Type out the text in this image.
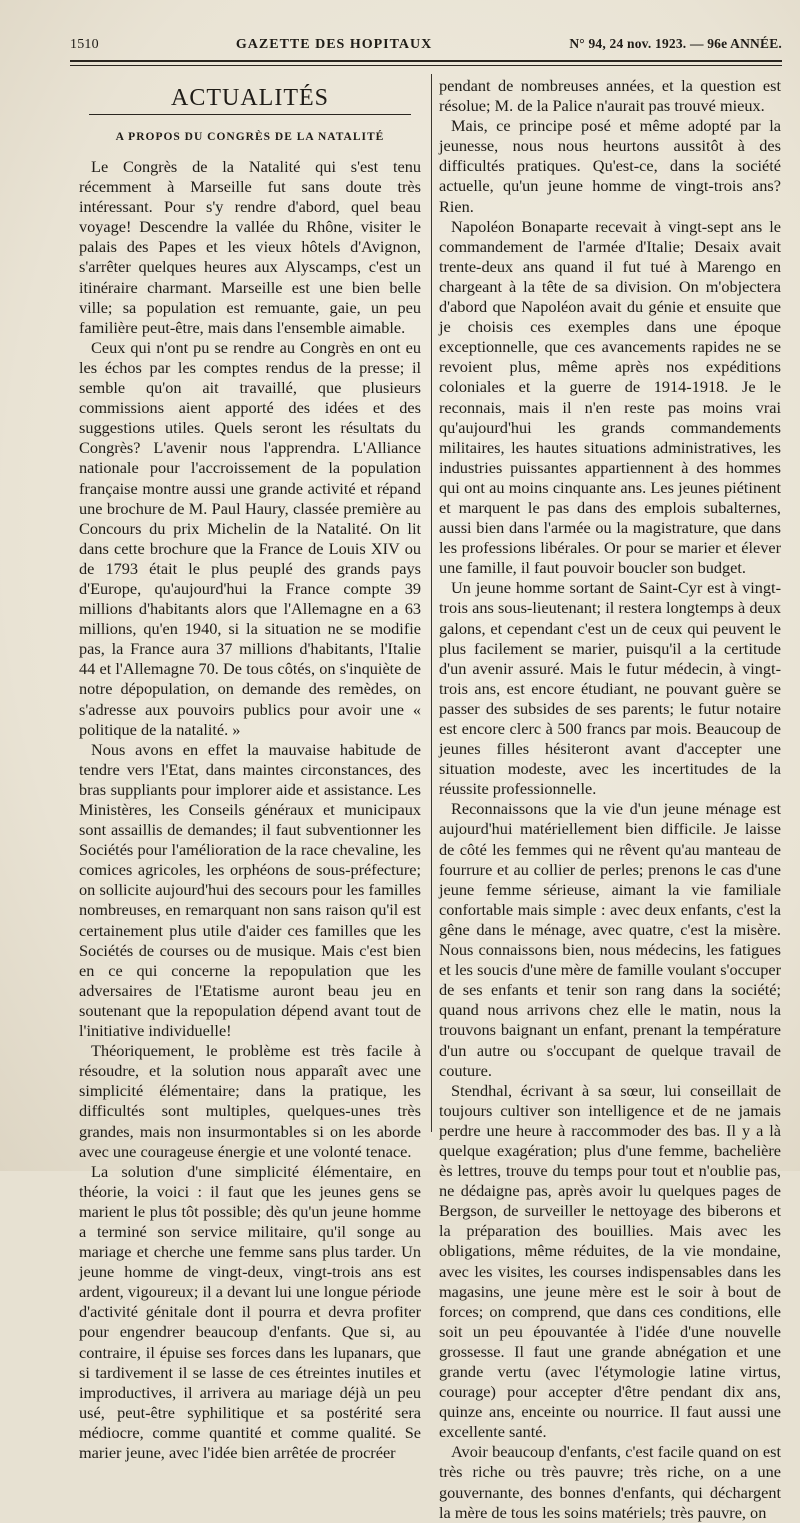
1510	GAZETTE DES HOPITAUX	N° 94, 24 nov. 1923. — 96e ANNÉE.
ACTUALITÉS
A PROPOS DU CONGRÈS DE LA NATALITÉ

Le Congrès de la Natalité qui s'est tenu récemment à Marseille fut sans doute très intéressant. Pour s'y rendre d'abord, quel beau voyage! Descendre la vallée du Rhône, visiter le palais des Papes et les vieux hôtels d'Avignon, s'arrêter quelques heures aux Alyscamps, c'est un itinéraire charmant. Marseille est une bien belle ville; sa population est remuante, gaie, un peu familière peut-être, mais dans l'ensemble aimable.

Ceux qui n'ont pu se rendre au Congrès en ont eu les échos par les comptes rendus de la presse; il semble qu'on ait travaillé, que plusieurs commissions aient apporté des idées et des suggestions utiles. Quels seront les résultats du Congrès? L'avenir nous l'apprendra. L'Alliance nationale pour l'accroissement de la population française montre aussi une grande activité et répand une brochure de M. Paul Haury, classée première au Concours du prix Michelin de la Natalité. On lit dans cette brochure que la France de Louis XIV ou de 1793 était le plus peuplé des grands pays d'Europe, qu'aujourd'hui la France compte 39 millions d'habitants alors que l'Allemagne en a 63 millions, qu'en 1940, si la situation ne se modifie pas, la France aura 37 millions d'habitants, l'Italie 44 et l'Allemagne 70. De tous côtés, on s'inquiète de notre dépopulation, on demande des remèdes, on s'adresse aux pouvoirs publics pour avoir une « politique de la natalité. »

Nous avons en effet la mauvaise habitude de tendre vers l'Etat, dans maintes circonstances, des bras suppliants pour implorer aide et assistance. Les Ministères, les Conseils généraux et municipaux sont assaillis de demandes; il faut subventionner les Sociétés pour l'amélioration de la race chevaline, les comices agricoles, les orphéons de sous-préfecture; on sollicite aujourd'hui des secours pour les familles nombreuses, en remarquant non sans raison qu'il est certainement plus utile d'aider ces familles que les Sociétés de courses ou de musique. Mais c'est bien en ce qui concerne la repopulation que les adversaires de l'Etatisme auront beau jeu en soutenant que la repopulation dépend avant tout de l'initiative individuelle!

Théoriquement, le problème est très facile à résoudre, et la solution nous apparaît avec une simplicité élémentaire; dans la pratique, les difficultés sont multiples, quelques-unes très grandes, mais non insurmontables si on les aborde avec une courageuse énergie et une volonté tenace.

La solution d'une simplicité élémentaire, en théorie, la voici : il faut que les jeunes gens se marient le plus tôt possible; dès qu'un jeune homme a terminé son service militaire, qu'il songe au mariage et cherche une femme sans plus tarder. Un jeune homme de vingt-deux, vingt-trois ans est ardent, vigoureux; il a devant lui une longue période d'activité génitale dont il pourra et devra profiter pour engendrer beaucoup d'enfants. Que si, au contraire, il épuise ses forces dans les lupanars, que si tardivement il se lasse de ces étreintes inutiles et improductives, il arrivera au mariage déjà un peu usé, peut-être syphilitique et sa postérité sera médiocre, comme quantité et comme qualité. Se marier jeune, avec l'idée bien arrêtée de procréer

pendant de nombreuses années, et la question est résolue; M. de la Palice n'aurait pas trouvé mieux.

Mais, ce principe posé et même adopté par la jeunesse, nous nous heurtons aussitôt à des difficultés pratiques. Qu'est-ce, dans la société actuelle, qu'un jeune homme de vingt-trois ans? Rien.

Napoléon Bonaparte recevait à vingt-sept ans le commandement de l'armée d'Italie; Desaix avait trente-deux ans quand il fut tué à Marengo en chargeant à la tête de sa division. On m'objectera d'abord que Napoléon avait du génie et ensuite que je choisis ces exemples dans une époque exceptionnelle, que ces avancements rapides ne se revoient plus, même après nos expéditions coloniales et la guerre de 1914-1918. Je le reconnais, mais il n'en reste pas moins vrai qu'aujourd'hui les grands commandements militaires, les hautes situations administratives, les industries puissantes appartiennent à des hommes qui ont au moins cinquante ans. Les jeunes piétinent et marquent le pas dans des emplois subalternes, aussi bien dans l'armée ou la magistrature, que dans les professions libérales. Or pour se marier et élever une famille, il faut pouvoir boucler son budget.

Un jeune homme sortant de Saint-Cyr est à vingt-trois ans sous-lieutenant; il restera longtemps à deux galons, et cependant c'est un de ceux qui peuvent le plus facilement se marier, puisqu'il a la certitude d'un avenir assuré. Mais le futur médecin, à vingt-trois ans, est encore étudiant, ne pouvant guère se passer des subsides de ses parents; le futur notaire est encore clerc à 500 francs par mois. Beaucoup de jeunes filles hésiteront avant d'accepter une situation modeste, avec les incertitudes de la réussite professionnelle.

Reconnaissons que la vie d'un jeune ménage est aujourd'hui matériellement bien difficile. Je laisse de côté les femmes qui ne rêvent qu'au manteau de fourrure et au collier de perles; prenons le cas d'une jeune femme sérieuse, aimant la vie familiale confortable mais simple : avec deux enfants, c'est la gêne dans le ménage, avec quatre, c'est la misère. Nous connaissons bien, nous médecins, les fatigues et les soucis d'une mère de famille voulant s'occuper de ses enfants et tenir son rang dans la société; quand nous arrivons chez elle le matin, nous la trouvons baignant un enfant, prenant la température d'un autre ou s'occupant de quelque travail de couture.

Stendhal, écrivant à sa sœur, lui conseillait de toujours cultiver son intelligence et de ne jamais perdre une heure à raccommoder des bas. Il y a là quelque exagération; plus d'une femme, bachelière ès lettres, trouve du temps pour tout et n'oublie pas, ne dédaigne pas, après avoir lu quelques pages de Bergson, de surveiller le nettoyage des biberons et la préparation des bouillies. Mais avec les obligations, même réduites, de la vie mondaine, avec les visites, les courses indispensables dans les magasins, une jeune mère est le soir à bout de forces; on comprend, que dans ces conditions, elle soit un peu épouvantée à l'idée d'une nouvelle grossesse. Il faut une grande abnégation et une grande vertu (avec l'étymologie latine virtus, courage) pour accepter d'être pendant dix ans, quinze ans, enceinte ou nourrice. Il faut aussi une excellente santé.

Avoir beaucoup d'enfants, c'est facile quand on est très riche ou très pauvre; très riche, on a une gouvernante, des bonnes d'enfants, qui déchargent la mère de tous les soins matériels; très pauvre, on
